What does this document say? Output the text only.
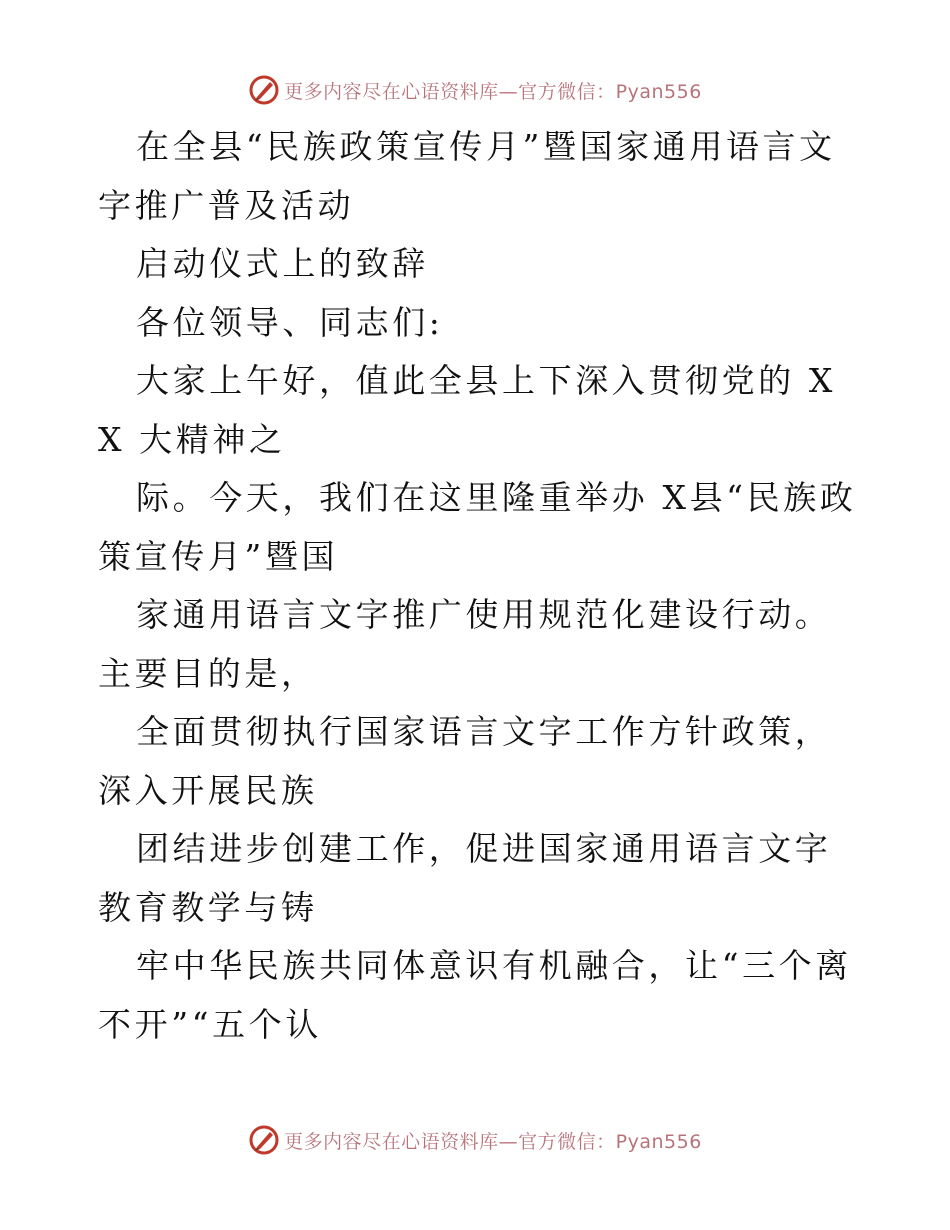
更多内容尽在心语资料库—官方微信：Pyan556

在全县“民族政策宣传月”暨国家通用语言文字推广普及活动

启动仪式上的致辞

各位领导、同志们:

大家上午好，值此全县上下深入贯彻党的 XX 大精神之

际。今天，我们在这里隆重举办 X县“民族政策宣传月”暨国

家通用语言文字推广使用规范化建设行动。主要目的是，

全面贯彻执行国家语言文字工作方针政策，深入开展民族

团结进步创建工作，促进国家通用语言文字教育教学与铸

牢中华民族共同体意识有机融合，让“三个离不开”“五个认

更多内容尽在心语资料库—官方微信：Pyan556
